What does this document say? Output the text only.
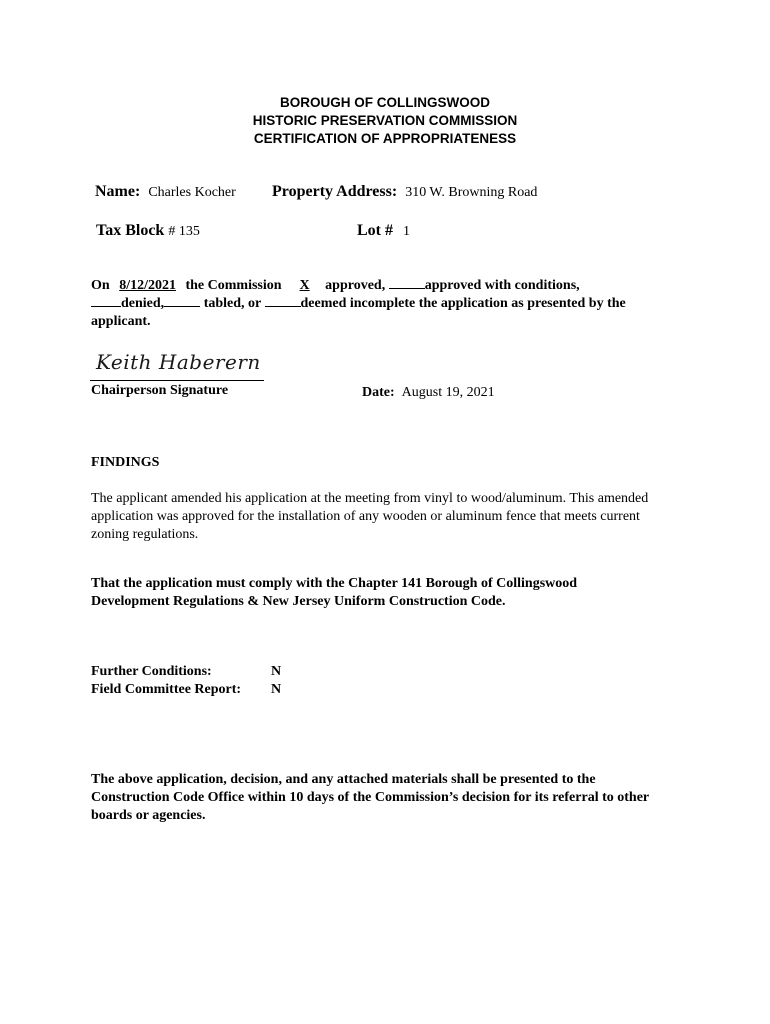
BOROUGH OF COLLINGSWOOD
HISTORIC PRESERVATION COMMISSION
CERTIFICATION OF APPROPRIATENESS
Name: Charles Kocher Property Address: 310 W. Browning Road
Tax Block # 135	Lot # 1
On 8/12/2021 the Commission X approved,	approved with conditions,
denied,	tabled, or	deemed incomplete the application as presented by the
applicant.
Keith Haberern
Chairperson Signature	Date: August 19, 2021
FINDINGS
The applicant amended his application at the meeting from vinyl to wood/aluminum. This amended application was approved for the installation of any wooden or aluminum fence that meets current zoning regulations.
That the application must comply with the Chapter 141 Borough of Collingswood Development Regulations & New Jersey Uniform Construction Code.
Further Conditions:	N
Field Committee Report: N
The above application, decision, and any attached materials shall be presented to the Construction Code Office within 10 days of the Commission’s decision for its referral to other boards or agencies.
